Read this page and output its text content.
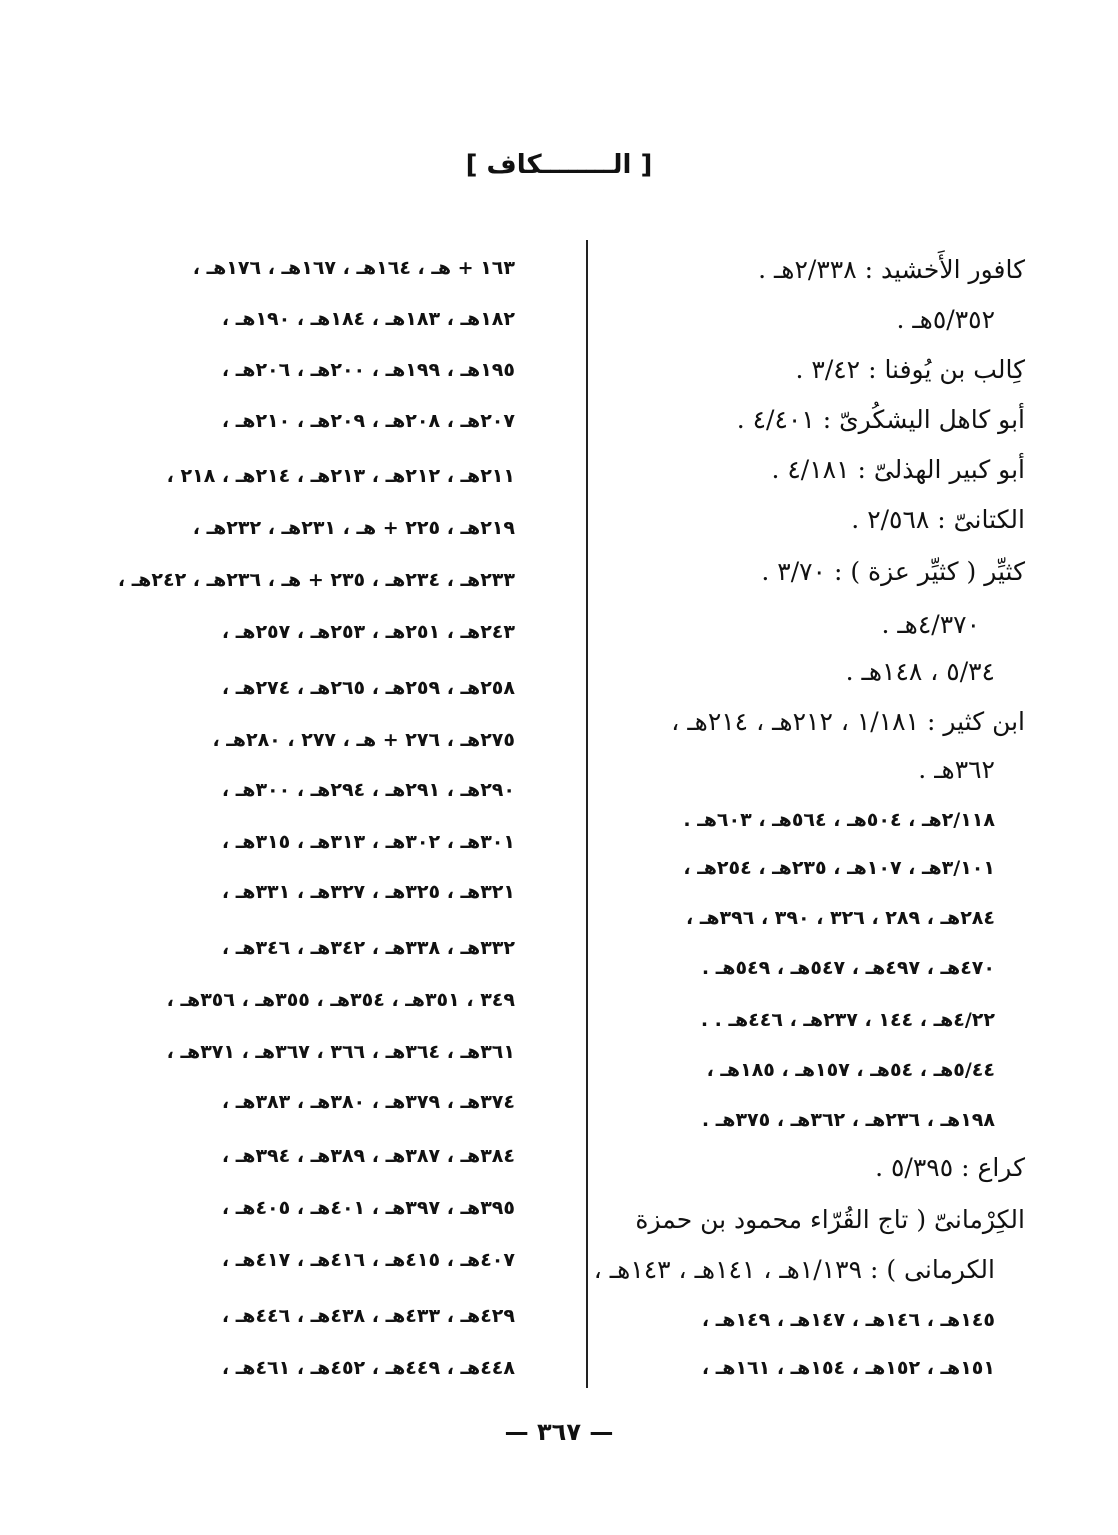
[ الــــــــكاف ]
كافور الأَخشيد : ٢/٣٣٨هـ .
٥/٣٥٢هـ .
كِالب بن يُوفنا : ٣/٤٢ .
أبو كاهل اليشكُرىّ : ٤/٤٠١ .
أبو كبير الهذلىّ : ٤/١٨١ .
الكتانىّ : ٢/٥٦٨ .
كثيِّر ( كثيِّر عزة ) : ٣/٧٠ .
٤/٣٧٠هـ .
٥/٣٤ ، ١٤٨هـ .
ابن كثير : ١/١٨١ ، ٢١٢هـ ، ٢١٤هـ ،
٣٦٢هـ .
٢/١١٨هـ ، ٥٠٤هـ ، ٥٦٤هـ ، ٦٠٣هـ .
٣/١٠١هـ ، ١٠٧هـ ، ٢٣٥هـ ، ٢٥٤هـ ،
٢٨٤هـ ، ٢٨٩ ، ٣٢٦ ، ٣٩٠ ، ٣٩٦هـ ،
٤٧٠هـ ، ٤٩٧هـ ، ٥٤٧هـ ، ٥٤٩هـ .
٤/٢٢هـ ، ١٤٤ ، ٢٣٧هـ ، ٤٤٦هـ . .
٥/٤٤هـ ، ٥٤هـ ، ١٥٧هـ ، ١٨٥هـ ،
١٩٨هـ ، ٢٣٦هـ ، ٣٦٢هـ ، ٣٧٥هـ .
كراع : ٥/٣٩٥ .
الكِرْمانىّ ( تاج القُرّاء محمود بن حمزة
الكرمانى ) : ١/١٣٩هـ ، ١٤١هـ ، ١٤٣هـ ،
١٤٥هـ ، ١٤٦هـ ، ١٤٧هـ ، ١٤٩هـ ،
١٥١هـ ، ١٥٢هـ ، ١٥٤هـ ، ١٦١هـ ،
١٦٣ + هـ ، ١٦٤هـ ، ١٦٧هـ ، ١٧٦هـ ،
١٨٢هـ ، ١٨٣هـ ، ١٨٤هـ ، ١٩٠هـ ،
١٩٥هـ ، ١٩٩هـ ، ٢٠٠هـ ، ٢٠٦هـ ،
٢٠٧هـ ، ٢٠٨هـ ، ٢٠٩هـ ، ٢١٠هـ ،
٢١١هـ ، ٢١٢هـ ، ٢١٣هـ ، ٢١٤هـ ، ٢١٨ ،
٢١٩هـ ، ٢٢٥ + هـ ، ٢٣١هـ ، ٢٣٢هـ ،
٢٣٣هـ ، ٢٣٤هـ ، ٢٣٥ + هـ ، ٢٣٦هـ ، ٢٤٢هـ ،
٢٤٣هـ ، ٢٥١هـ ، ٢٥٣هـ ، ٢٥٧هـ ،
٢٥٨هـ ، ٢٥٩هـ ، ٢٦٥هـ ، ٢٧٤هـ ،
٢٧٥هـ ، ٢٧٦ + هـ ، ٢٧٧ ، ٢٨٠هـ ،
٢٩٠هـ ، ٢٩١هـ ، ٢٩٤هـ ، ٣٠٠هـ ،
٣٠١هـ ، ٣٠٢هـ ، ٣١٣هـ ، ٣١٥هـ ،
٣٢١هـ ، ٣٢٥هـ ، ٣٢٧هـ ، ٣٣١هـ ،
٣٣٢هـ ، ٣٣٨هـ ، ٣٤٢هـ ، ٣٤٦هـ ،
٣٤٩ ، ٣٥١هـ ، ٣٥٤هـ ، ٣٥٥هـ ، ٣٥٦هـ ،
٣٦١هـ ، ٣٦٤هـ ، ٣٦٦ ، ٣٦٧هـ ، ٣٧١هـ ،
٣٧٤هـ ، ٣٧٩هـ ، ٣٨٠هـ ، ٣٨٣هـ ،
٣٨٤هـ ، ٣٨٧هـ ، ٣٨٩هـ ، ٣٩٤هـ ،
٣٩٥هـ ، ٣٩٧هـ ، ٤٠١هـ ، ٤٠٥هـ ،
٤٠٧هـ ، ٤١٥هـ ، ٤١٦هـ ، ٤١٧هـ ،
٤٢٩هـ ، ٤٣٣هـ ، ٤٣٨هـ ، ٤٤٦هـ ،
٤٤٨هـ ، ٤٤٩هـ ، ٤٥٢هـ ، ٤٦١هـ ،
— ٣٦٧ —
